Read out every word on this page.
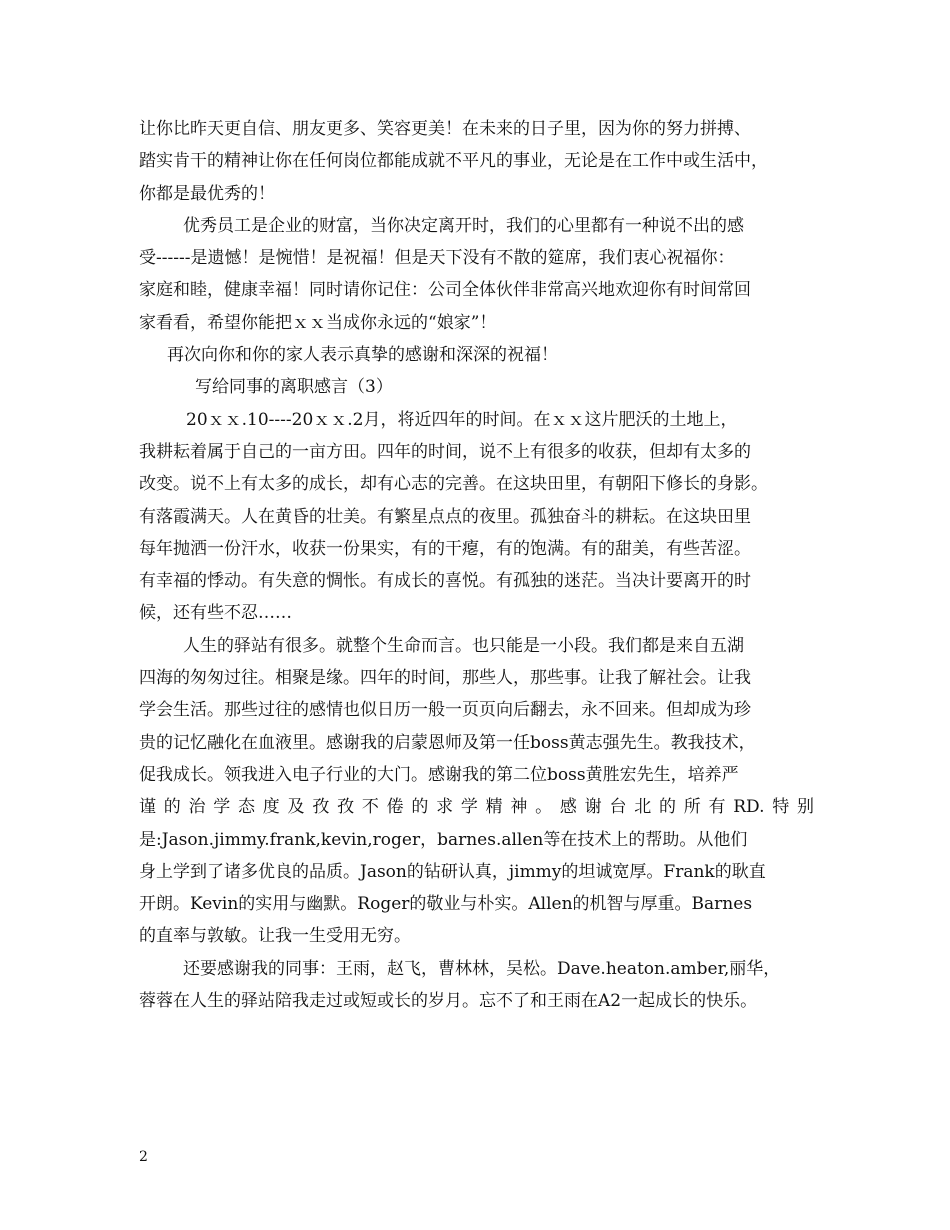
让你比昨天更自信、朋友更多、笑容更美！在未来的日子里，因为你的努力拼搏、
踏实肯干的精神让你在任何岗位都能成就不平凡的事业，无论是在工作中或生活中，
你都是最优秀的！
优秀员工是企业的财富，当你决定离开时，我们的心里都有一种说不出的感
受------是遗憾！是惋惜！是祝福！但是天下没有不散的筵席，我们衷心祝福你：
家庭和睦，健康幸福！同时请你记住：公司全体伙伴非常高兴地欢迎你有时间常回
家看看，希望你能把ｘｘ当成你永远的“娘家”！
再次向你和你的家人表示真挚的感谢和深深的祝福！
写给同事的离职感言（3）
20ｘｘ.10----20ｘｘ.2月，将近四年的时间。在ｘｘ这片肥沃的土地上，
我耕耘着属于自己的一亩方田。四年的时间，说不上有很多的收获，但却有太多的
改变。说不上有太多的成长，却有心志的完善。在这块田里，有朝阳下修长的身影。
有落霞满天。人在黄昏的壮美。有繁星点点的夜里。孤独奋斗的耕耘。在这块田里
每年抛洒一份汗水，收获一份果实，有的干瘪，有的饱满。有的甜美，有些苦涩。
有幸福的悸动。有失意的惆怅。有成长的喜悦。有孤独的迷茫。当决计要离开的时
候，还有些不忍……
人生的驿站有很多。就整个生命而言。也只能是一小段。我们都是来自五湖
四海的匆匆过往。相聚是缘。四年的时间，那些人，那些事。让我了解社会。让我
学会生活。那些过往的感情也似日历一般一页页向后翻去，永不回来。但却成为珍
贵的记忆融化在血液里。感谢我的启蒙恩师及第一任boss黄志强先生。教我技术，
促我成长。领我进入电子行业的大门。感谢我的第二位boss黄胜宏先生，培养严
谨的治学态度及孜孜不倦的求学精神。感谢台北的所有RD.特别
是:Jason.jimmy.frank,kevin,roger，barnes.allen等在技术上的帮助。从他们
身上学到了诸多优良的品质。Jason的钻研认真，jimmy的坦诚宽厚。Frank的耿直
开朗。Kevin的实用与幽默。Roger的敬业与朴实。Allen的机智与厚重。Barnes
的直率与敦敏。让我一生受用无穷。
还要感谢我的同事：王雨，赵飞，曹林林，吴松。Dave.heaton.amber,丽华，
蓉蓉在人生的驿站陪我走过或短或长的岁月。忘不了和王雨在A2一起成长的快乐。
2
